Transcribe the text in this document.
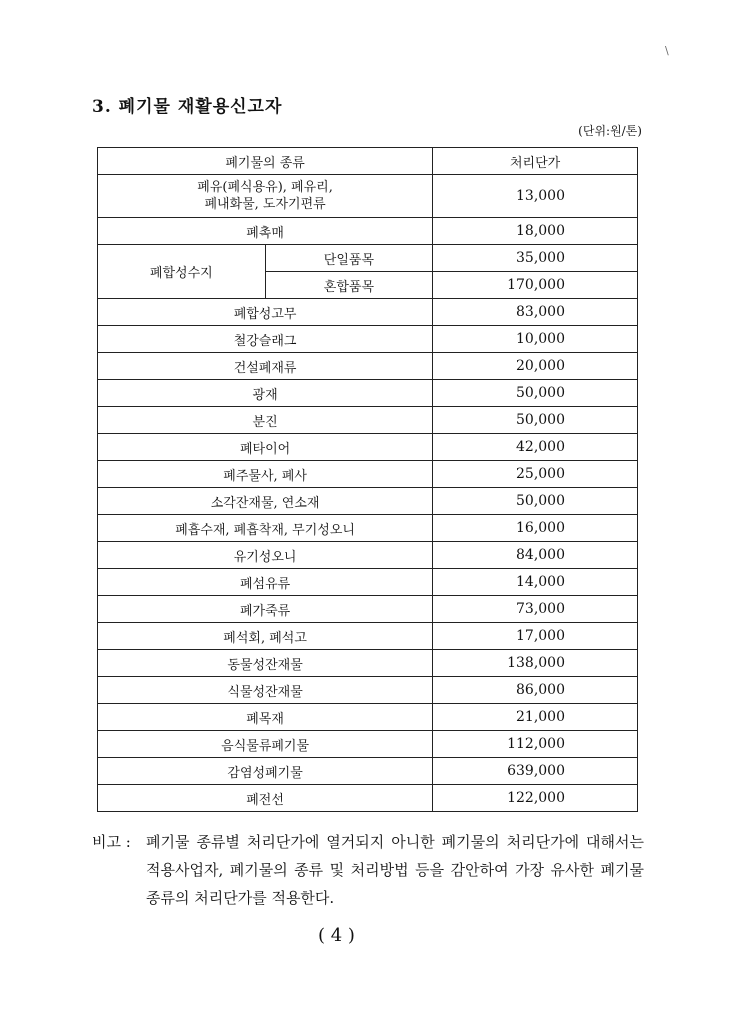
\
3. 폐기물 재활용신고자
(단위:원/톤)
폐기물의 종류		처리단가

폐유(폐식용유), 폐유리,
폐내화물, 도자기편류		13,000
폐촉매		18,000
폐합성수지	단일품목	35,000
	혼합품목	170,000
폐합성고무		83,000
철강슬래그		10,000
건설폐재류		20,000
광재		50,000
분진		50,000
폐타이어		42,000
폐주물사, 폐사		25,000
소각잔재물, 연소재		50,000
폐흡수재, 폐흡착재, 무기성오니		16,000
유기성오니		84,000
폐섬유류		14,000
폐가죽류		73,000
폐석회, 폐석고		17,000
동물성잔재물		138,000
식물성잔재물		86,000
폐목재		21,000
음식물류폐기물		112,000
감염성폐기물		639,000
폐전선		122,000
비고 :	폐기물 종류별 처리단가에 열거되지 아니한 폐기물의 처리단가에 대해서는 적용사업자, 폐기물의 종류 및 처리방법 등을 감안하여 가장 유사한 폐기물 종류의 처리단가를 적용한다.
( 4 )
